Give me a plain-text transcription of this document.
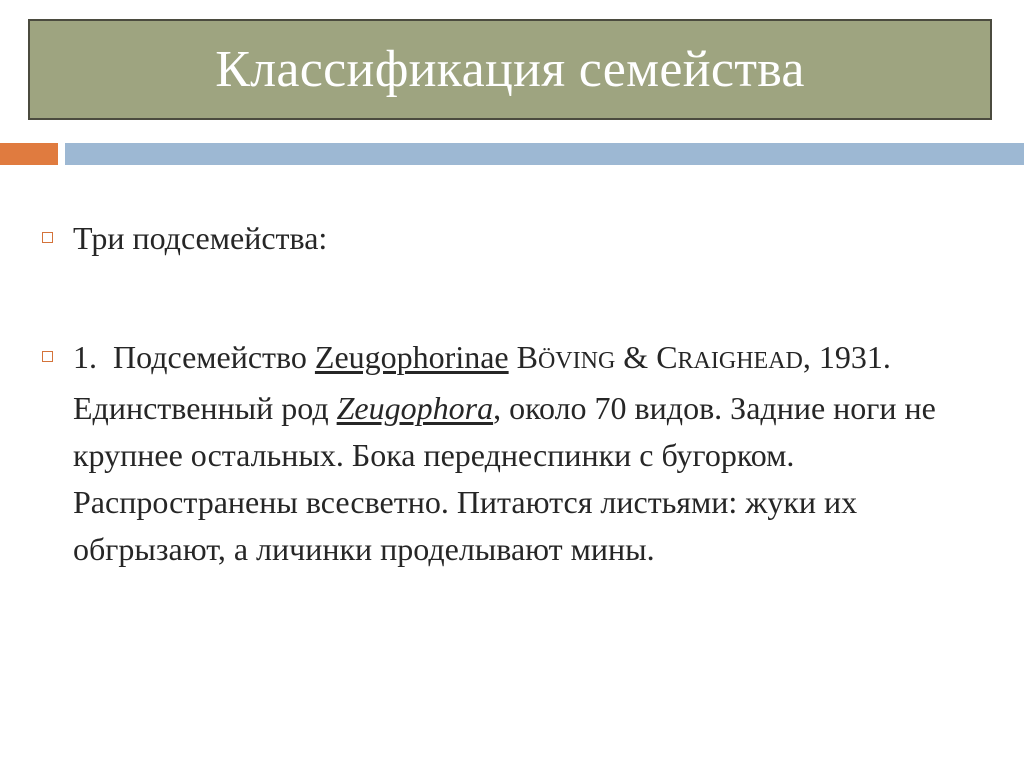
Классификация семейства
Три подсемейства:
1. Подсемейство Zeugophorinae BÖVING & CRAIGHEAD, 1931. Единственный род Zeugophora, около 70 видов. Задние ноги не крупнее остальных. Бока переднеспинки с бугорком. Распространены всесветно. Питаются листьями: жуки их обгрызают, а личинки проделывают мины.
